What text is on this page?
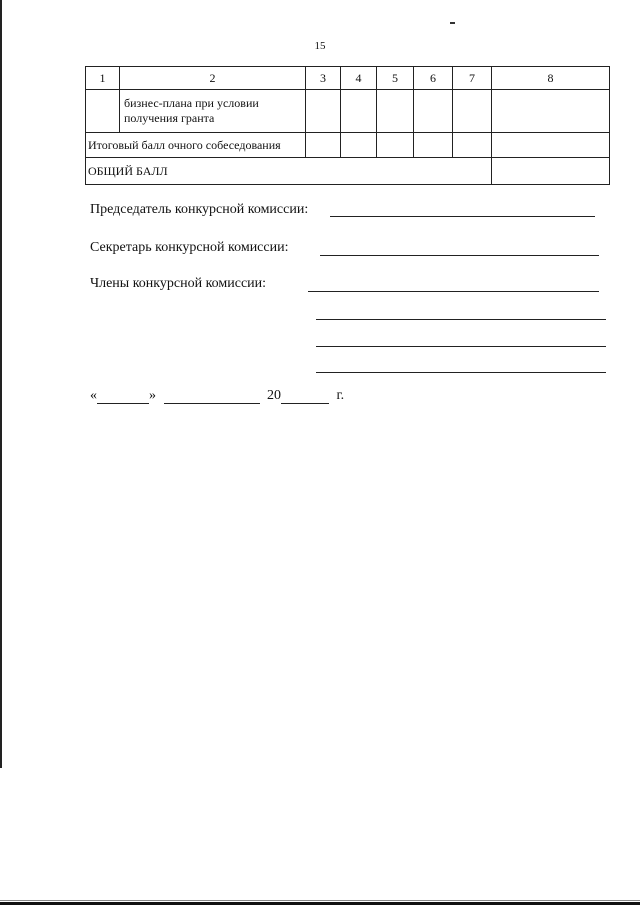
15
1	2	3	4	5	6	7	8

	бизнес-плана при условии получения гранта						

Итоговый балл очного собеседования							

ОБЩИЙ БАЛЛ							

Председатель конкурсной комиссии:
Секретарь конкурсной комиссии:
Члены конкурсной комиссии:
«	»	20	г.
